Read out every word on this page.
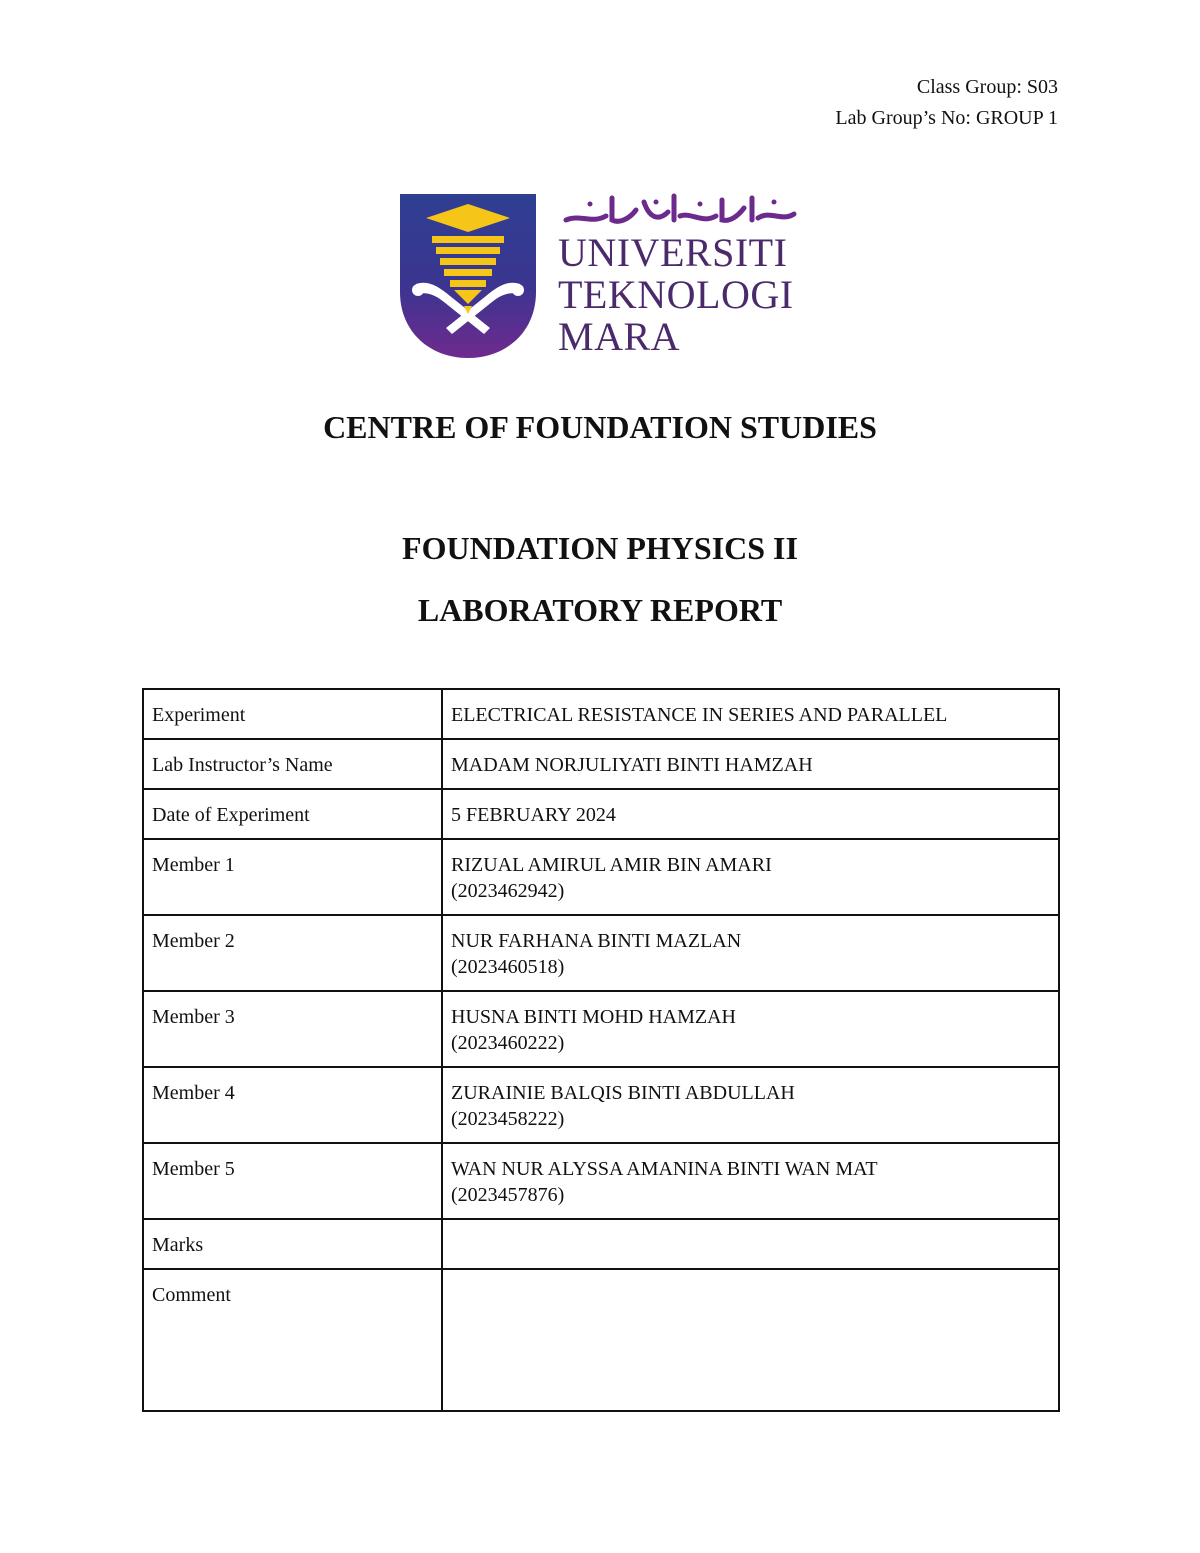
Class Group: S03
Lab Group’s No: GROUP 1
UNIVERSITI
TEKNOLOGI
MARA
CENTRE OF FOUNDATION STUDIES
FOUNDATION PHYSICS II
LABORATORY REPORT
Experiment	ELECTRICAL RESISTANCE IN SERIES AND PARALLEL
Lab Instructor’s Name	MADAM NORJULIYATI BINTI HAMZAH
Date of Experiment	5 FEBRUARY 2024
Member 1	RIZUAL AMIRUL AMIR BIN AMARI
(2023462942)

Member 2	NUR FARHANA BINTI MAZLAN
(2023460518)

Member 3	HUSNA BINTI MOHD HAMZAH
(2023460222)

Member 4	ZURAINIE BALQIS BINTI ABDULLAH
(2023458222)

Member 5	WAN NUR ALYSSA AMANINA BINTI WAN MAT
(2023457876)

Marks	
Comment	
